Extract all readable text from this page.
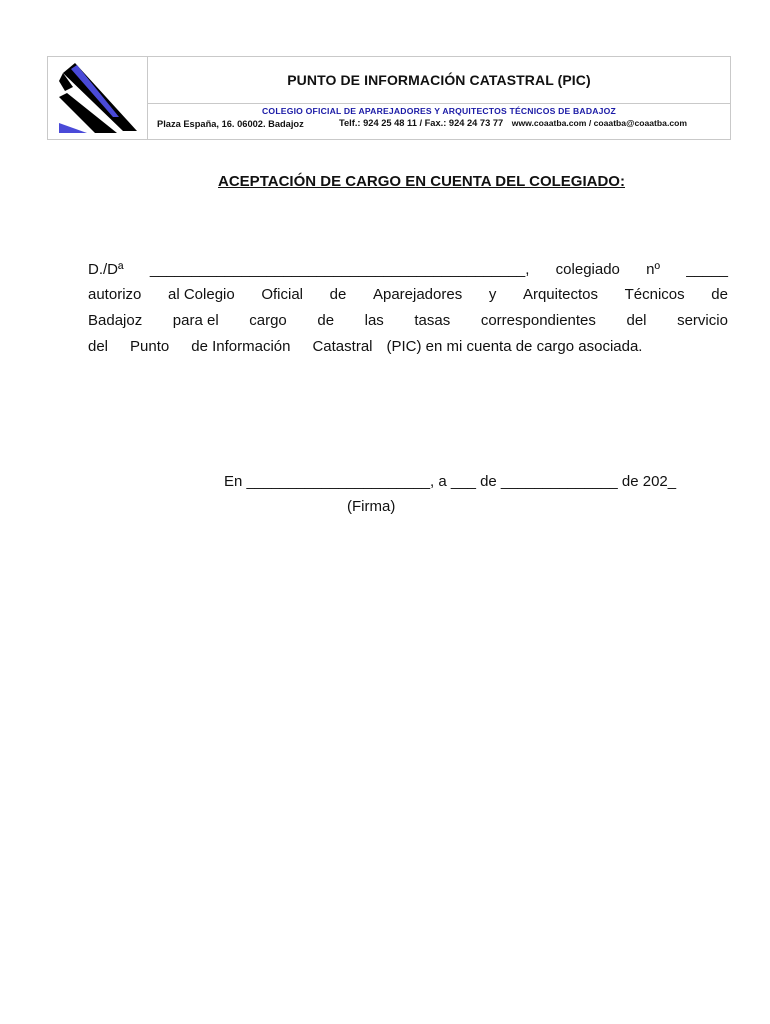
PUNTO DE INFORMACIÓN CATASTRAL (PIC)
COLEGIO OFICIAL DE APAREJADORES Y ARQUITECTOS TÉCNICOS DE BADAJOZ
Plaza España, 16. 06002. Badajoz	Telf.: 924 25 48 11 / Fax.: 924 24 73 77 www.coaatba.com / coaatba@coaatba.com
ACEPTACIÓN DE CARGO EN CUENTA DEL COLEGIADO:
D./Dª _____________________________________________, colegiado nº _____
autorizo al Colegio Oficial de Aparejadores y Arquitectos Técnicos de
Badajoz para el cargo de las tasas correspondientes del servicio
del Punto de Información Catastral (PIC) en mi cuenta de cargo asociada.
En ______________________, a ___ de ______________ de 202_
(Firma)
